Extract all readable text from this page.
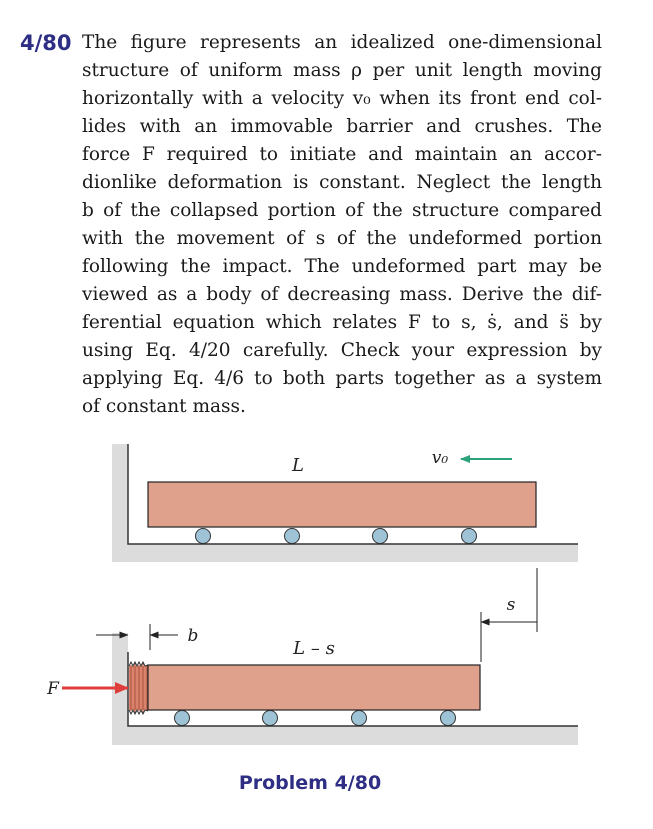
4/80 The figure represents an idealized one-dimensional
structure of uniform mass ρ per unit length moving
horizontally with a velocity v₀ when its front end col-
lides with an immovable barrier and crushes. The
force F required to initiate and maintain an accor-
dionlike deformation is constant. Neglect the length
b of the collapsed portion of the structure compared
with the movement of s of the undeformed portion
following the impact. The undeformed part may be
viewed as a body of decreasing mass. Derive the dif-
ferential equation which relates F to s, ṡ, and s̈ by
using Eq. 4/20 carefully. Check your expression by
applying Eq. 4/6 to both parts together as a system
of constant mass.
L	v₀
b
L – s
s
F
Problem 4/80
